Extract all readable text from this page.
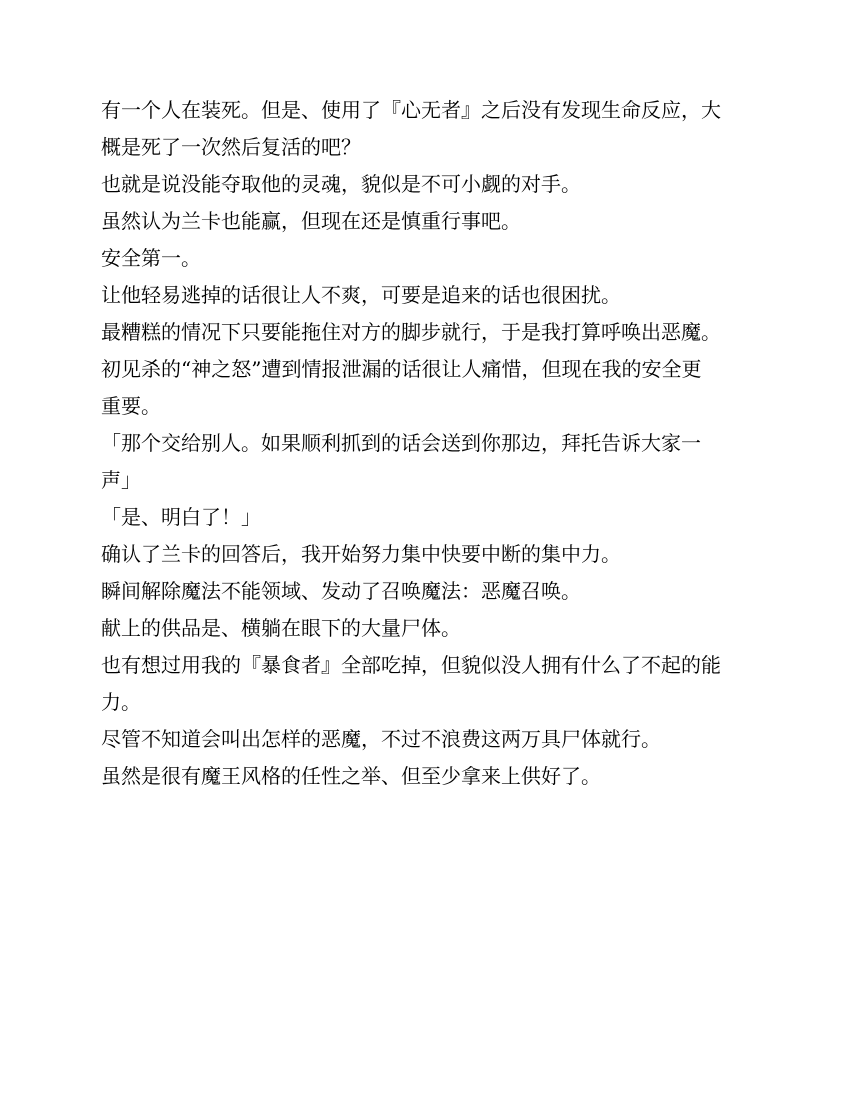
有一个人在装死。但是、使用了『心无者』之后没有发现生命反应，大概是死了一次然后复活的吧？

也就是说没能夺取他的灵魂，貌似是不可小觑的对手。

虽然认为兰卡也能赢，但现在还是慎重行事吧。

安全第一。

让他轻易逃掉的话很让人不爽，可要是追来的话也很困扰。

最糟糕的情况下只要能拖住对方的脚步就行，于是我打算呼唤出恶魔。

初见杀的“神之怒”遭到情报泄漏的话很让人痛惜，但现在我的安全更重要。

「那个交给别人。如果顺利抓到的话会送到你那边，拜托告诉大家一声」

「是、明白了！」

确认了兰卡的回答后，我开始努力集中快要中断的集中力。

瞬间解除魔法不能领域、发动了召唤魔法：恶魔召唤。

献上的供品是、横躺在眼下的大量尸体。

也有想过用我的『暴食者』全部吃掉，但貌似没人拥有什么了不起的能力。

尽管不知道会叫出怎样的恶魔，不过不浪费这两万具尸体就行。

虽然是很有魔王风格的任性之举、但至少拿来上供好了。
